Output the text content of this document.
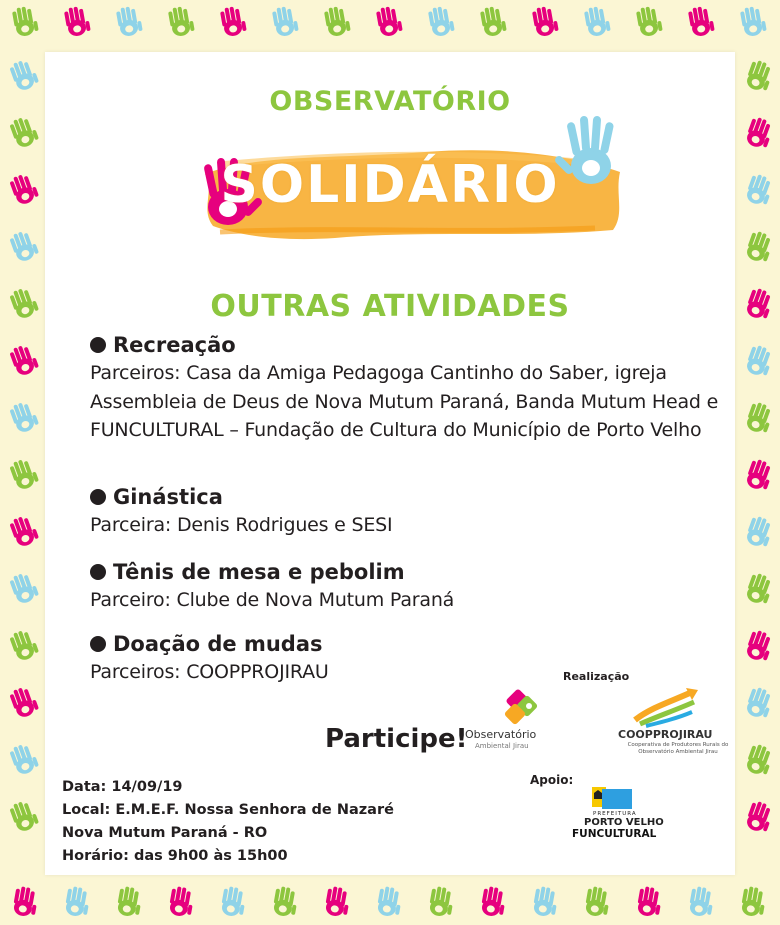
OBSERVATÓRIO
SOLIDÁRIO
OUTRAS ATIVIDADES
Recreação
Parceiros: Casa da Amiga Pedagoga Cantinho do Saber, igreja Assembleia de Deus de Nova Mutum Paraná, Banda Mutum Head e FUNCULTURAL – Fundação de Cultura do Município de Porto Velho
Ginástica
Parceira: Denis Rodrigues e SESI
Tênis de mesa e pebolim
Parceiro: Clube de Nova Mutum Paraná
Doação de mudas
Parceiros: COOPPROJIRAU
Participe!
Realização
Observatório
Ambiental Jirau
COOPPROJIRAU
Cooperativa de Produtores Rurais do Observatório Ambiental Jirau
Data: 14/09/19
Local: E.M.E.F. Nossa Senhora de Nazaré
Nova Mutum Paraná - RO
Horário: das 9h00 às 15h00
Apoio:
PREFEITURA
PORTO VELHO
FUNCULTURAL
